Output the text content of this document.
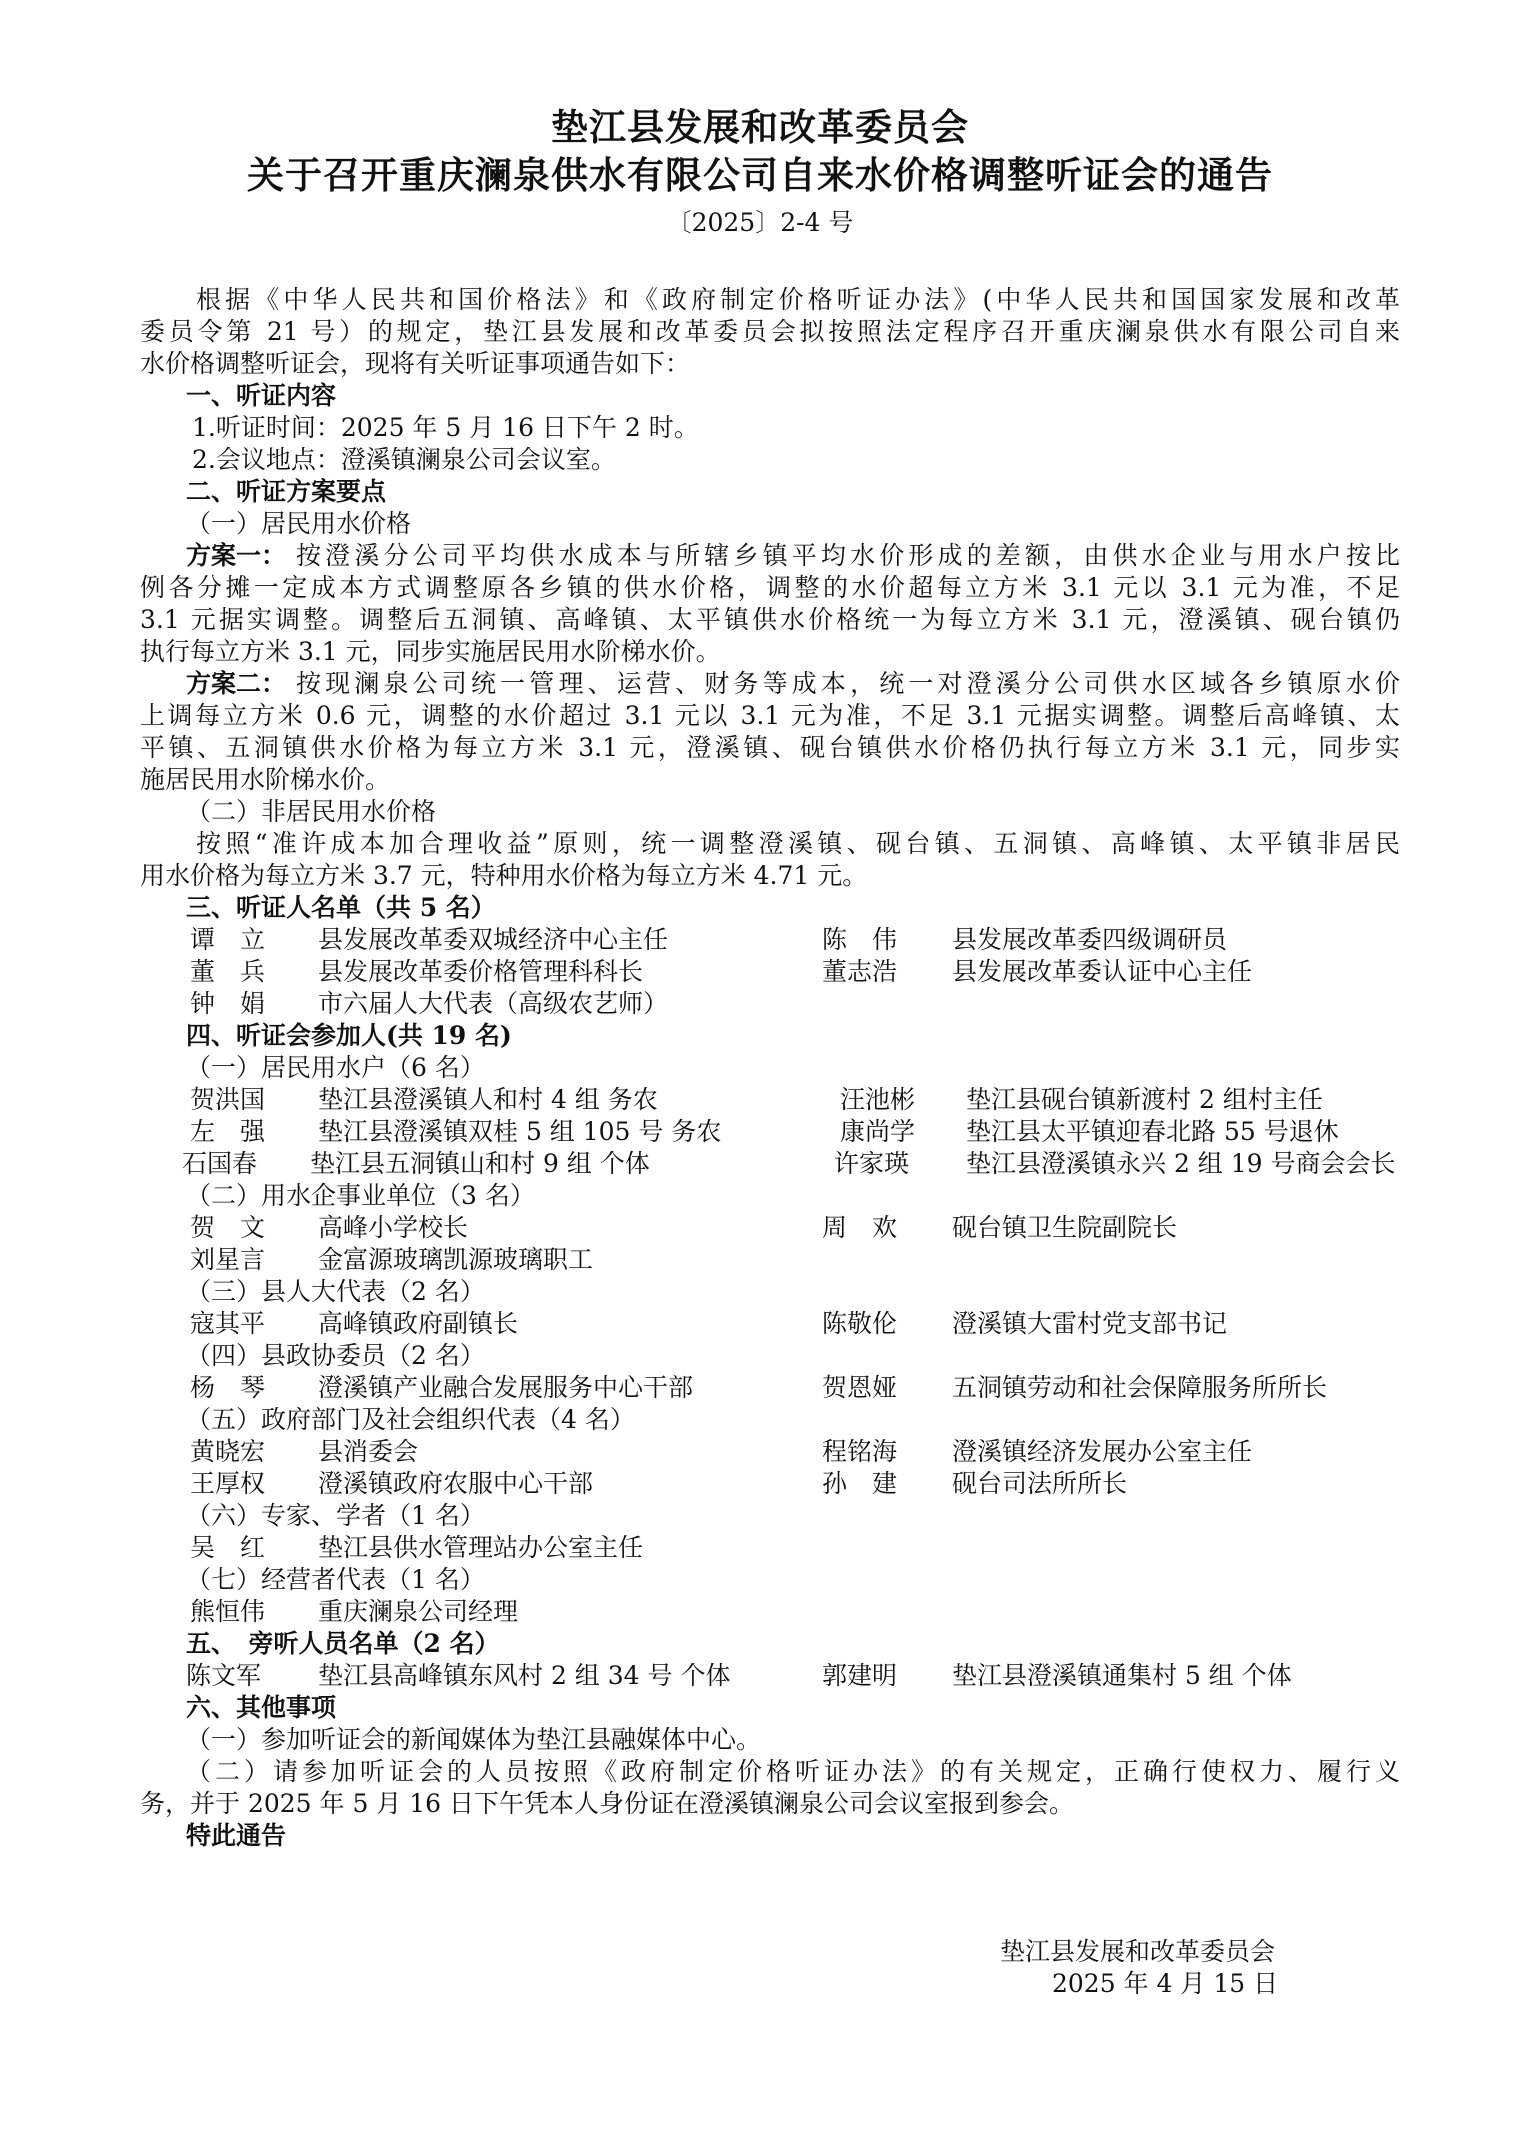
垫江县发展和改革委员会
关于召开重庆澜泉供水有限公司自来水价格调整听证会的通告
〔2025〕2-4 号
根据《中华人民共和国价格法》和《政府制定价格听证办法》(中华人民共和国国家发展和改革
委员令第 21 号）的规定，垫江县发展和改革委员会拟按照法定程序召开重庆澜泉供水有限公司自来
水价格调整听证会，现将有关听证事项通告如下：
一、听证内容
1.听证时间：2025 年 5 月 16 日下午 2 时。
2.会议地点：澄溪镇澜泉公司会议室。
二、听证方案要点
（一）居民用水价格
方案一： 按澄溪分公司平均供水成本与所辖乡镇平均水价形成的差额，由供水企业与用水户按比
例各分摊一定成本方式调整原各乡镇的供水价格，调整的水价超每立方米 3.1 元以 3.1 元为准，不足
3.1 元据实调整。调整后五洞镇、高峰镇、太平镇供水价格统一为每立方米 3.1 元，澄溪镇、砚台镇仍
执行每立方米 3.1 元，同步实施居民用水阶梯水价。
方案二： 按现澜泉公司统一管理、运营、财务等成本，统一对澄溪分公司供水区域各乡镇原水价
上调每立方米 0.6 元，调整的水价超过 3.1 元以 3.1 元为准，不足 3.1 元据实调整。调整后高峰镇、太
平镇、五洞镇供水价格为每立方米 3.1 元，澄溪镇、砚台镇供水价格仍执行每立方米 3.1 元，同步实
施居民用水阶梯水价。
（二）非居民用水价格
按照“准许成本加合理收益”原则，统一调整澄溪镇、砚台镇、五洞镇、高峰镇、太平镇非居民
用水价格为每立方米 3.7 元，特种用水价格为每立方米 4.71 元。
三、听证人名单（共 5 名）
谭　立 县发展改革委双城经济中心主任	陈　伟 县发展改革委四级调研员
董　兵 县发展改革委价格管理科科长	董志浩 县发展改革委认证中心主任
钟　娟 市六届人大代表（高级农艺师）
四、听证会参加人(共 19 名)
（一）居民用水户（6 名）
贺洪国 垫江县澄溪镇人和村 4 组 务农	汪池彬 垫江县砚台镇新渡村 2 组村主任
左　强 垫江县澄溪镇双桂 5 组 105 号 务农	康尚学 垫江县太平镇迎春北路 55 号退休
石国春 垫江县五洞镇山和村 9 组 个体	许家瑛 垫江县澄溪镇永兴 2 组 19 号商会会长
（二）用水企事业单位（3 名）
贺　文 高峰小学校长	周　欢 砚台镇卫生院副院长
刘星言 金富源玻璃凯源玻璃职工
（三）县人大代表（2 名）
寇其平 高峰镇政府副镇长	陈敬伦 澄溪镇大雷村党支部书记
（四）县政协委员（2 名）
杨　琴 澄溪镇产业融合发展服务中心干部	贺恩娅 五洞镇劳动和社会保障服务所所长
（五）政府部门及社会组织代表（4 名）
黄晓宏 县消委会	程铭海 澄溪镇经济发展办公室主任
王厚权 澄溪镇政府农服中心干部	孙　建 砚台司法所所长
（六）专家、学者（1 名）
吴　红 垫江县供水管理站办公室主任
（七）经营者代表（1 名）
熊恒伟 重庆澜泉公司经理
五、　旁听人员名单（2 名）
陈文军 垫江县高峰镇东风村 2 组 34 号 个体	郭建明 垫江县澄溪镇通集村 5 组 个体
六、其他事项
（一）参加听证会的新闻媒体为垫江县融媒体中心。
（二）请参加听证会的人员按照《政府制定价格听证办法》的有关规定，正确行使权力、履行义
务，并于 2025 年 5 月 16 日下午凭本人身份证在澄溪镇澜泉公司会议室报到参会。
特此通告
垫江县发展和改革委员会
2025 年 4 月 15 日
